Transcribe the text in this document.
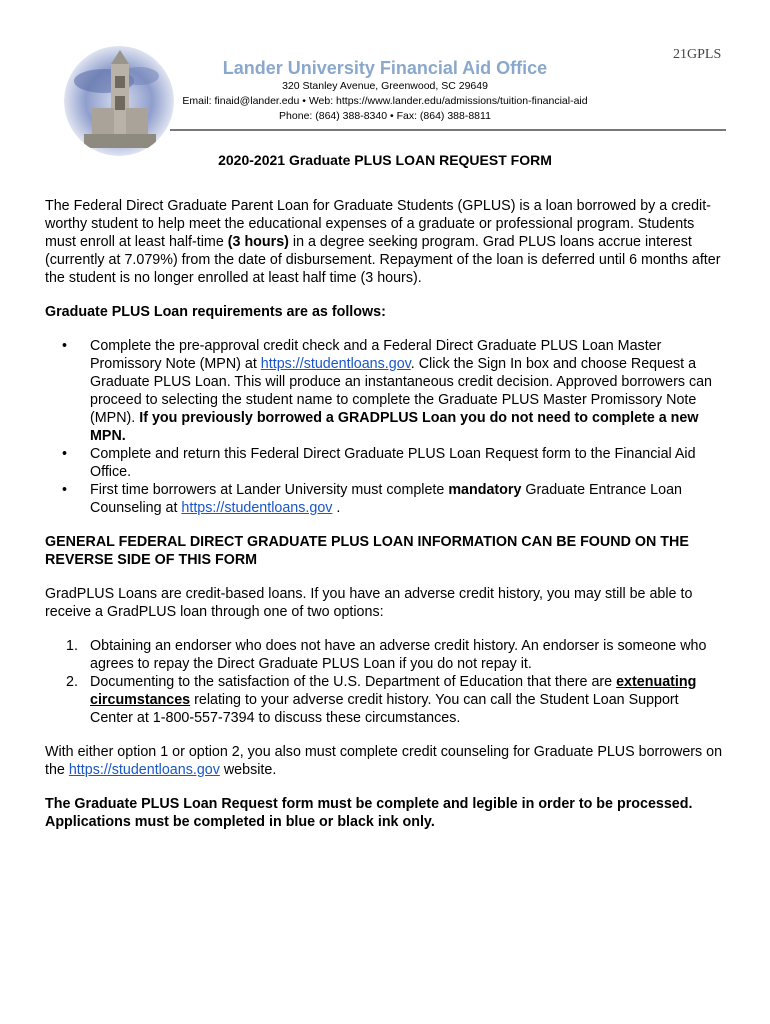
Lander University Financial Aid Office
320 Stanley Avenue, Greenwood, SC 29649
Email: finaid@lander.edu • Web: https://www.lander.edu/admissions/tuition-financial-aid
Phone: (864) 388-8340 • Fax: (864) 388-8811
21GPLS
2020-2021 Graduate PLUS LOAN REQUEST FORM

The Federal Direct Graduate Parent Loan for Graduate Students (GPLUS) is a loan borrowed by a credit-worthy student to help meet the educational expenses of a graduate or professional program. Students must enroll at least half-time (3 hours) in a degree seeking program. Grad PLUS loans accrue interest (currently at 7.079%) from the date of disbursement. Repayment of the loan is deferred until 6 months after the student is no longer enrolled at least half time (3 hours).

Graduate PLUS Loan requirements are as follows:

• Complete the pre-approval credit check and a Federal Direct Graduate PLUS Loan Master Promissory Note (MPN) at https://studentloans.gov. Click the Sign In box and choose Request a Graduate PLUS Loan. This will produce an instantaneous credit decision. Approved borrowers can proceed to selecting the student name to complete the Graduate PLUS Master Promissory Note (MPN). If you previously borrowed a GRADPLUS Loan you do not need to complete a new MPN.
• Complete and return this Federal Direct Graduate PLUS Loan Request form to the Financial Aid Office.
• First time borrowers at Lander University must complete mandatory Graduate Entrance Loan Counseling at https://studentloans.gov .

GENERAL FEDERAL DIRECT GRADUATE PLUS LOAN INFORMATION CAN BE FOUND ON THE REVERSE SIDE OF THIS FORM

GradPLUS Loans are credit-based loans. If you have an adverse credit history, you may still be able to receive a GradPLUS loan through one of two options:

1. Obtaining an endorser who does not have an adverse credit history. An endorser is someone who agrees to repay the Direct Graduate PLUS Loan if you do not repay it.
2. Documenting to the satisfaction of the U.S. Department of Education that there are extenuating circumstances relating to your adverse credit history. You can call the Student Loan Support Center at 1-800-557-7394 to discuss these circumstances.

With either option 1 or option 2, you also must complete credit counseling for Graduate PLUS borrowers on the https://studentloans.gov website.

The Graduate PLUS Loan Request form must be complete and legible in order to be processed. Applications must be completed in blue or black ink only.
